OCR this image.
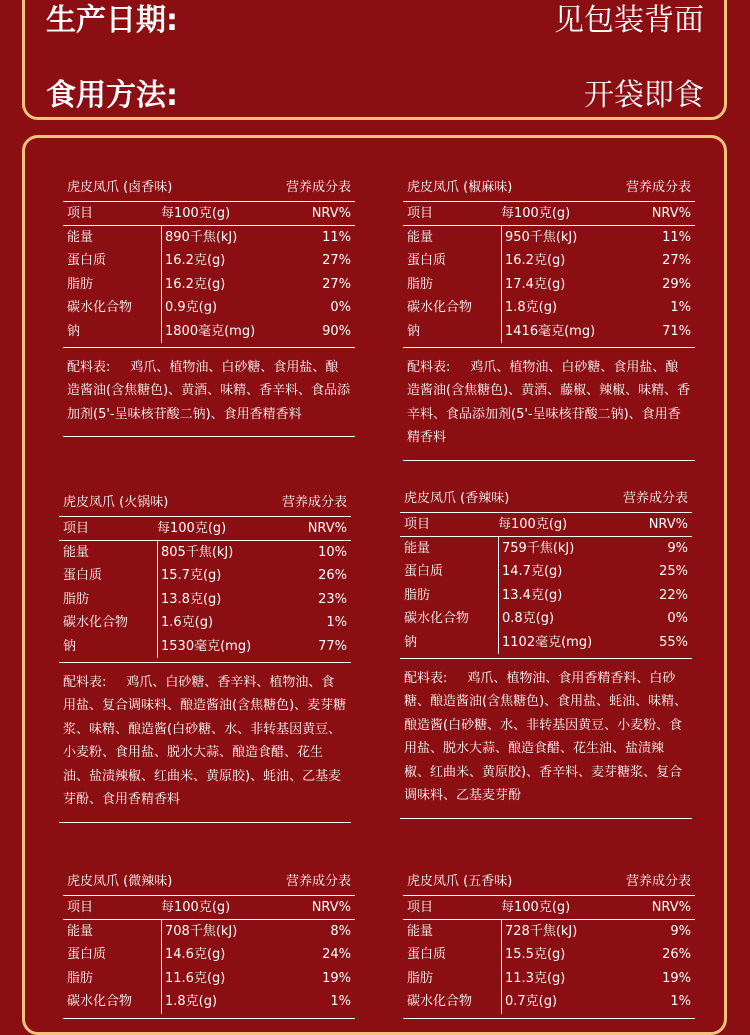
生产日期:	见包装背面
食用方法:	开袋即食
虎皮凤爪 (卤香味)	营养成分表
项目	每100克(g)	NRV%
能量	890千焦(kJ)	11%
蛋白质	16.2克(g)	27%
脂肪	16.2克(g)	27%
碳水化合物	0.9克(g)	0%
钠	1800毫克(mg)	90%
配料表: 鸡爪、植物油、白砂糖、食用盐、酿造酱油(含焦糖色)、黄酒、味精、香辛料、食品添加剂(5'-呈味核苷酸二钠)、食用香精香料
虎皮凤爪 (椒麻味)	营养成分表
项目	每100克(g)	NRV%
能量	950千焦(kJ)	11%
蛋白质	16.2克(g)	27%
脂肪	17.4克(g)	29%
碳水化合物	1.8克(g)	1%
钠	1416毫克(mg)	71%
配料表: 鸡爪、植物油、白砂糖、食用盐、酿造酱油(含焦糖色)、黄酒、藤椒、辣椒、味精、香辛料、食品添加剂(5'-呈味核苷酸二钠)、食用香精香料
虎皮凤爪 (火锅味)	营养成分表
项目	每100克(g)	NRV%
能量	805千焦(kJ)	10%
蛋白质	15.7克(g)	26%
脂肪	13.8克(g)	23%
碳水化合物	1.6克(g)	1%
钠	1530毫克(mg)	77%
配料表: 鸡爪、白砂糖、香辛料、植物油、食用盐、复合调味料、酿造酱油(含焦糖色)、麦芽糖浆、味精、酿造酱(白砂糖、水、非转基因黄豆、小麦粉、食用盐、脱水大蒜、酿造食醋、花生油、盐渍辣椒、红曲米、黄原胶)、蚝油、乙基麦芽酚、食用香精香料
虎皮凤爪 (香辣味)	营养成分表
项目	每100克(g)	NRV%
能量	759千焦(kJ)	9%
蛋白质	14.7克(g)	25%
脂肪	13.4克(g)	22%
碳水化合物	0.8克(g)	0%
钠	1102毫克(mg)	55%
配料表: 鸡爪、植物油、食用香精香料、白砂糖、酿造酱油(含焦糖色)、食用盐、蚝油、味精、酿造酱(白砂糖、水、非转基因黄豆、小麦粉、食用盐、脱水大蒜、酿造食醋、花生油、盐渍辣椒、红曲米、黄原胶)、香辛料、麦芽糖浆、复合调味料、乙基麦芽酚
虎皮凤爪 (微辣味)	营养成分表
项目	每100克(g)	NRV%
能量	708千焦(kJ)	8%
蛋白质	14.6克(g)	24%
脂肪	11.6克(g)	19%
碳水化合物	1.8克(g)	1%
虎皮凤爪 (五香味)	营养成分表
项目	每100克(g)	NRV%
能量	728千焦(kJ)	9%
蛋白质	15.5克(g)	26%
脂肪	11.3克(g)	19%
碳水化合物	0.7克(g)	1%
